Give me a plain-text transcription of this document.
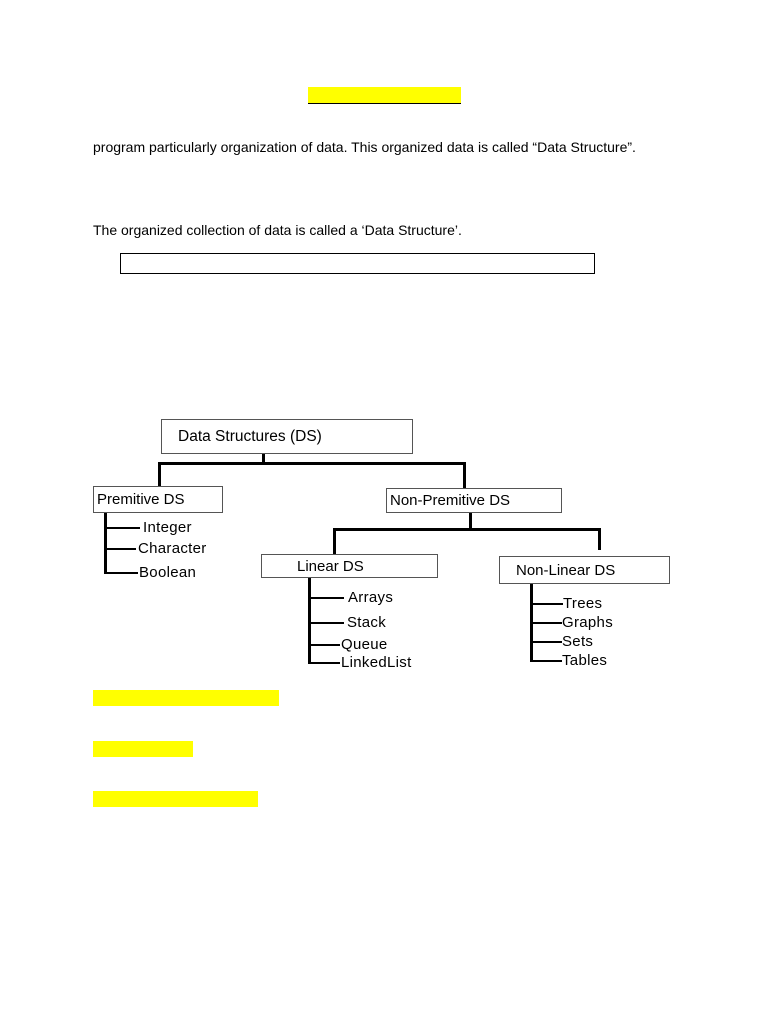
program particularly organization of data. This organized data is called “Data Structure”.

The organized collection of data is called a ‘Data Structure’.

Data Structures (DS)
Premitive DS	Non-Premitive DS
Linear DS	Non-Linear DS
Integer
Character
Boolean
Arrays
Stack
Queue
LinkedList
Trees
Graphs
Sets
Tables
